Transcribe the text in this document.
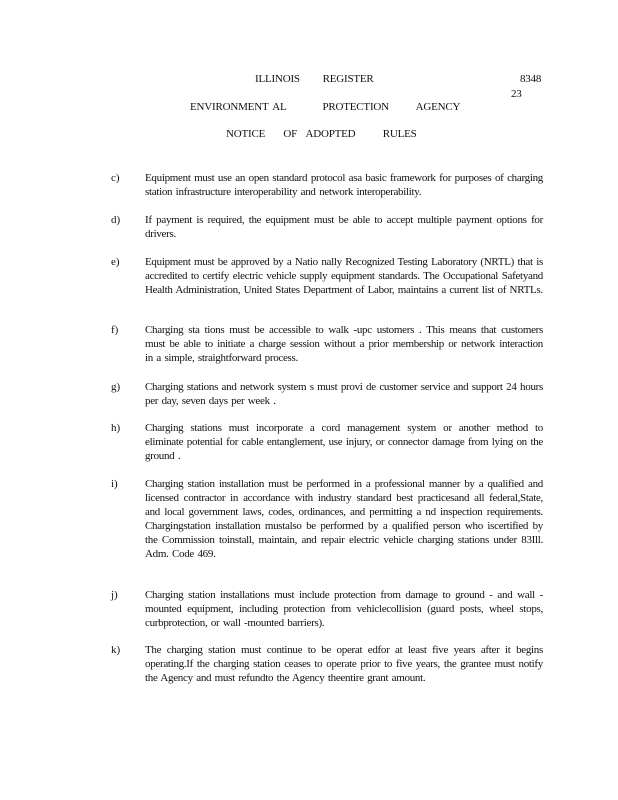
ILLINOIS     REGISTER	8348
23
ENVIRONMENT AL        PROTECTION      AGENCY
NOTICE    OF  ADOPTED      RULES
c) Equipment must use an open standard protocol asa basic framework for purposes of charging station infrastructure interoperability and network interoperability.
d) If payment is required, the equipment must be able to accept multiple payment options for drivers.
e) Equipment must be approved by a Natio nally Recognized Testing Laboratory (NRTL) that is accredited to certify electric vehicle supply equipment standards. The Occupational Safetyand Health Administration, United States Department of Labor, maintains a current list of NRTLs.
f) Charging sta tions must be accessible to walk -upc ustomers . This means that customers must be able to initiate a charge session without a prior membership or network interaction in a simple, straightforward process.
g) Charging stations and network system s must provi de customer service and support 24 hours per day, seven days per week .
h) Charging stations must incorporate a cord management system or another method to eliminate potential for cable entanglement, use injury, or connector damage from lying on the ground .
i) Charging station installation must be performed in a professional manner by a qualified and licensed contractor in accordance with industry standard best practicesand all federal,State, and local government laws, codes, ordinances, and permitting a nd inspection requirements. Chargingstation installation mustalso be performed by a qualified person who iscertified by the Commission toinstall, maintain, and repair electric vehicle charging stations under 83Ill. Adm. Code 469.
j) Charging station installations must include protection from damage to ground - and wall -mounted equipment, including protection from vehiclecollision (guard posts, wheel stops, curbprotection, or wall -mounted barriers).
k) The charging station must continue to be operat edfor at least five years after it begins operating.If the charging station ceases to operate prior to five years, the grantee must notify the Agency and must refundto the Agency theentire grant amount.
